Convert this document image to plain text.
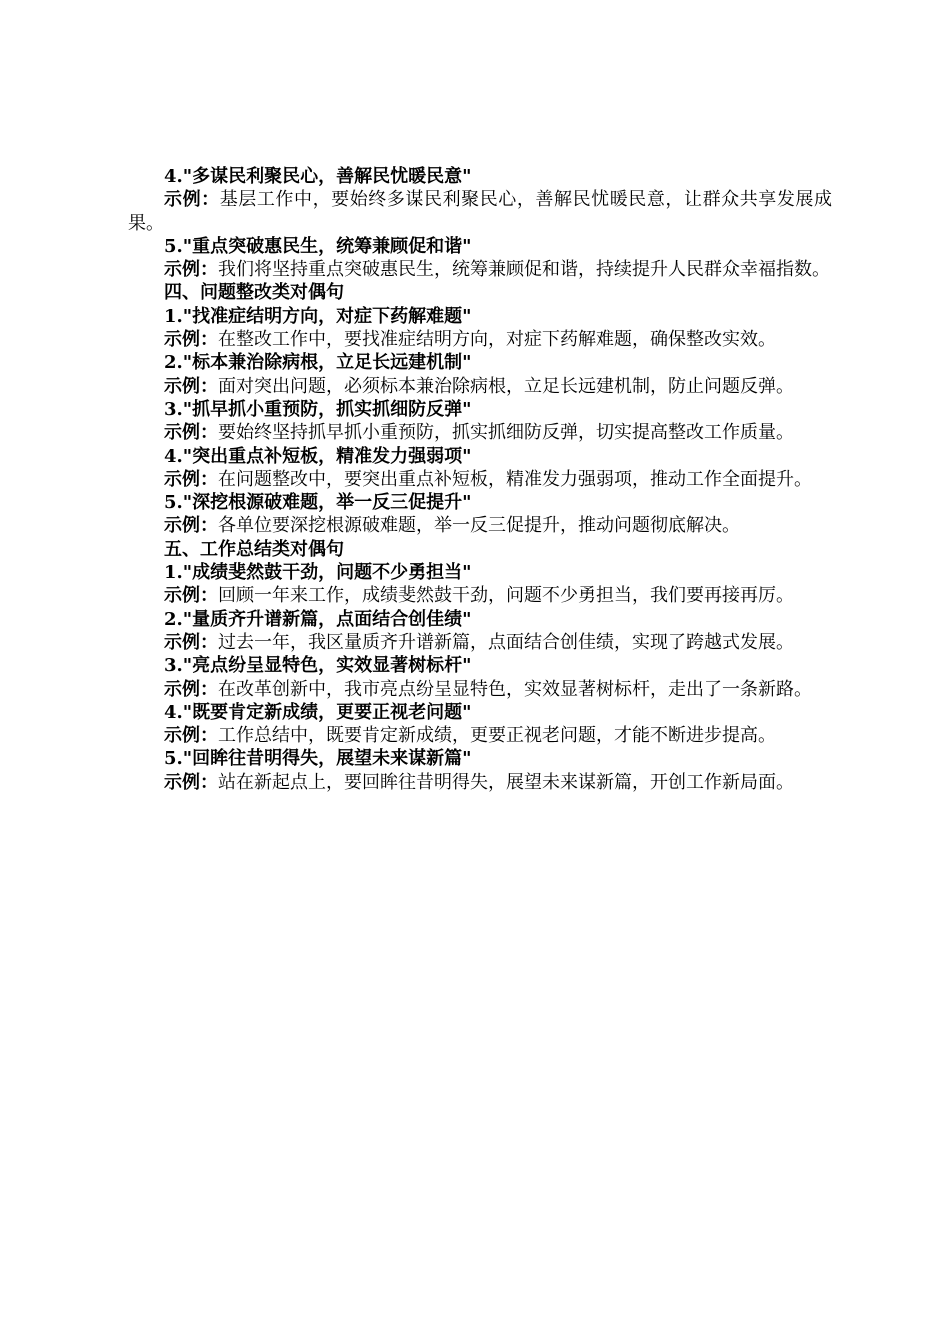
4."多谋民利聚民心，善解民忧暖民意"

示例：基层工作中，要始终多谋民利聚民心，善解民忧暖民意，让群众共享发展成果。

5."重点突破惠民生，统筹兼顾促和谐"

示例：我们将坚持重点突破惠民生，统筹兼顾促和谐，持续提升人民群众幸福指数。

四、问题整改类对偶句

1."找准症结明方向，对症下药解难题"

示例：在整改工作中，要找准症结明方向，对症下药解难题，确保整改实效。

2."标本兼治除病根，立足长远建机制"

示例：面对突出问题，必须标本兼治除病根，立足长远建机制，防止问题反弹。

3."抓早抓小重预防，抓实抓细防反弹"

示例：要始终坚持抓早抓小重预防，抓实抓细防反弹，切实提高整改工作质量。

4."突出重点补短板，精准发力强弱项"

示例：在问题整改中，要突出重点补短板，精准发力强弱项，推动工作全面提升。

5."深挖根源破难题，举一反三促提升"

示例：各单位要深挖根源破难题，举一反三促提升，推动问题彻底解决。

五、工作总结类对偶句

1."成绩斐然鼓干劲，问题不少勇担当"

示例：回顾一年来工作，成绩斐然鼓干劲，问题不少勇担当，我们要再接再厉。

2."量质齐升谱新篇，点面结合创佳绩"

示例：过去一年，我区量质齐升谱新篇，点面结合创佳绩，实现了跨越式发展。

3."亮点纷呈显特色，实效显著树标杆"

示例：在改革创新中，我市亮点纷呈显特色，实效显著树标杆，走出了一条新路。

4."既要肯定新成绩，更要正视老问题"

示例：工作总结中，既要肯定新成绩，更要正视老问题，才能不断进步提高。

5."回眸往昔明得失，展望未来谋新篇"

示例：站在新起点上，要回眸往昔明得失，展望未来谋新篇，开创工作新局面。
